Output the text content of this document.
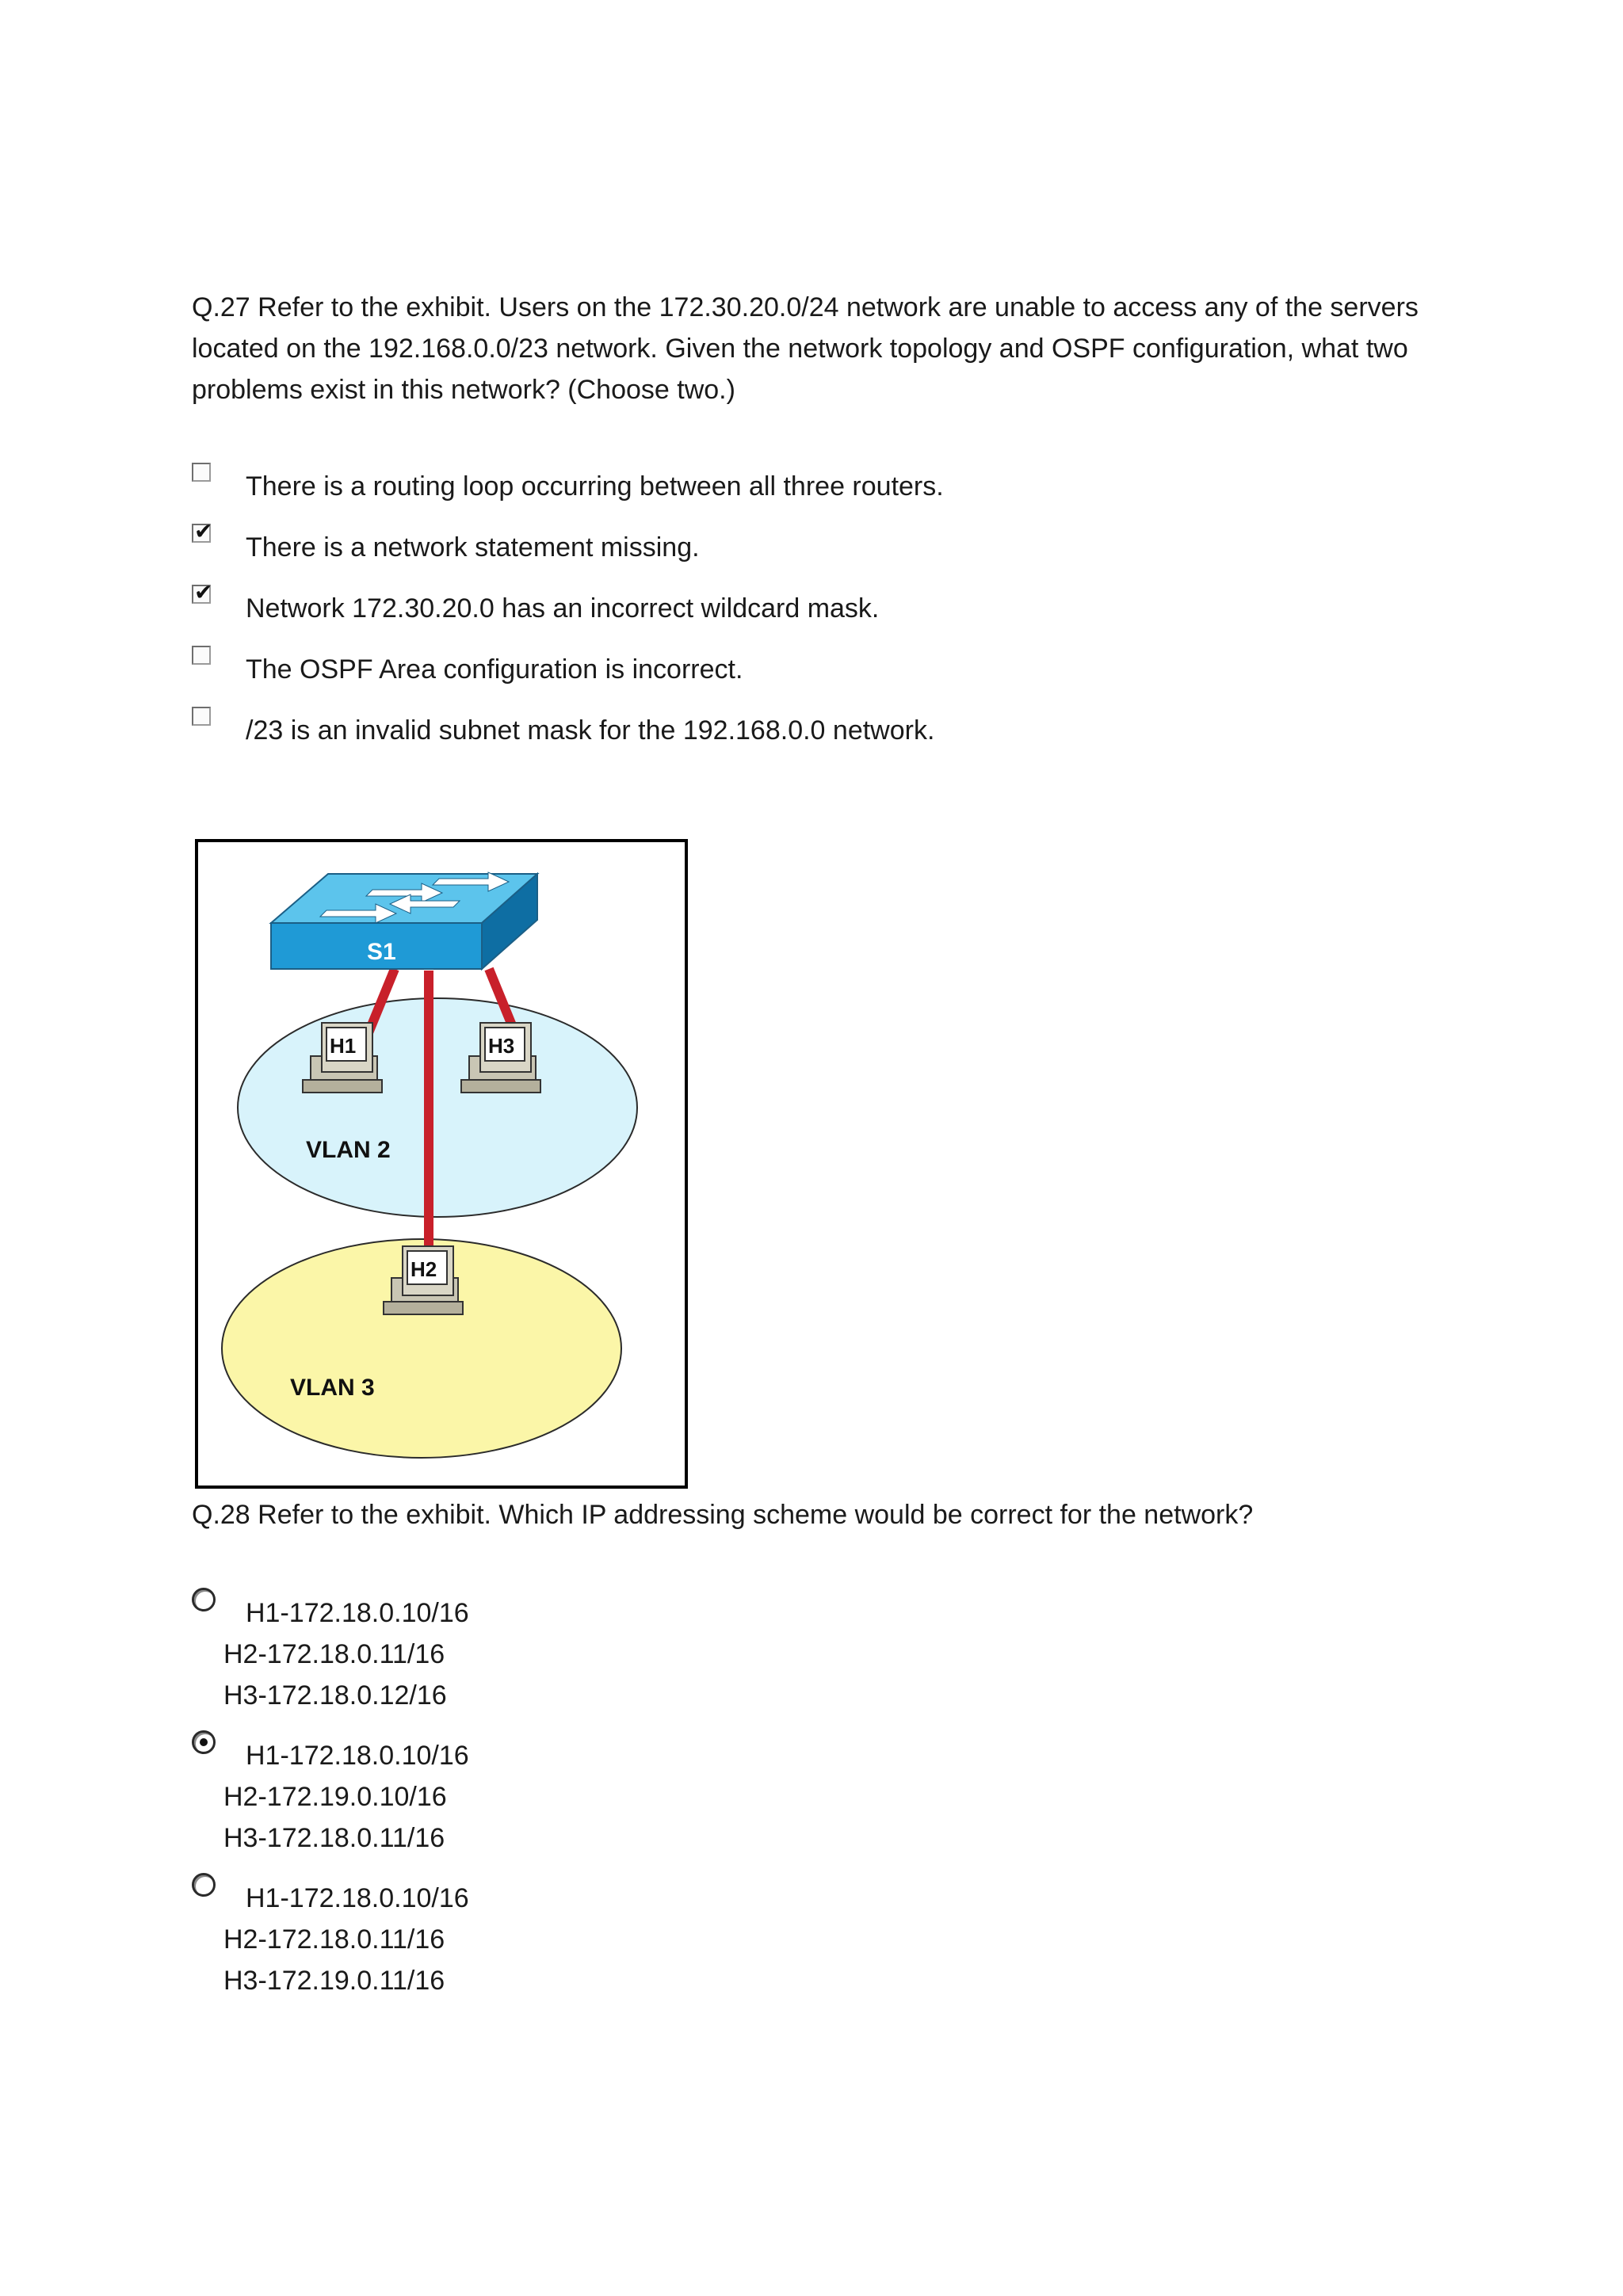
Q.27 Refer to the exhibit. Users on the 172.30.20.0/24 network are unable to access any of the servers located on the 192.168.0.0/23 network. Given the network topology and OSPF configuration, what two problems exist in this network? (Choose two.)
There is a routing loop occurring between all three routers.
✔
There is a network statement missing.
✔
Network 172.30.20.0 has an incorrect wildcard mask.
The OSPF Area configuration is incorrect.
/23 is an invalid subnet mask for the 192.168.0.0 network.
S1
H1	H3
H2
VLAN 2
VLAN 3
Q.28 Refer to the exhibit. Which IP addressing scheme would be correct for the network?
H1-172.18.0.10/16
H2-172.18.0.11/16
H3-172.18.0.12/16
H1-172.18.0.10/16
H2-172.19.0.10/16
H3-172.18.0.11/16
H1-172.18.0.10/16
H2-172.18.0.11/16
H3-172.19.0.11/16
